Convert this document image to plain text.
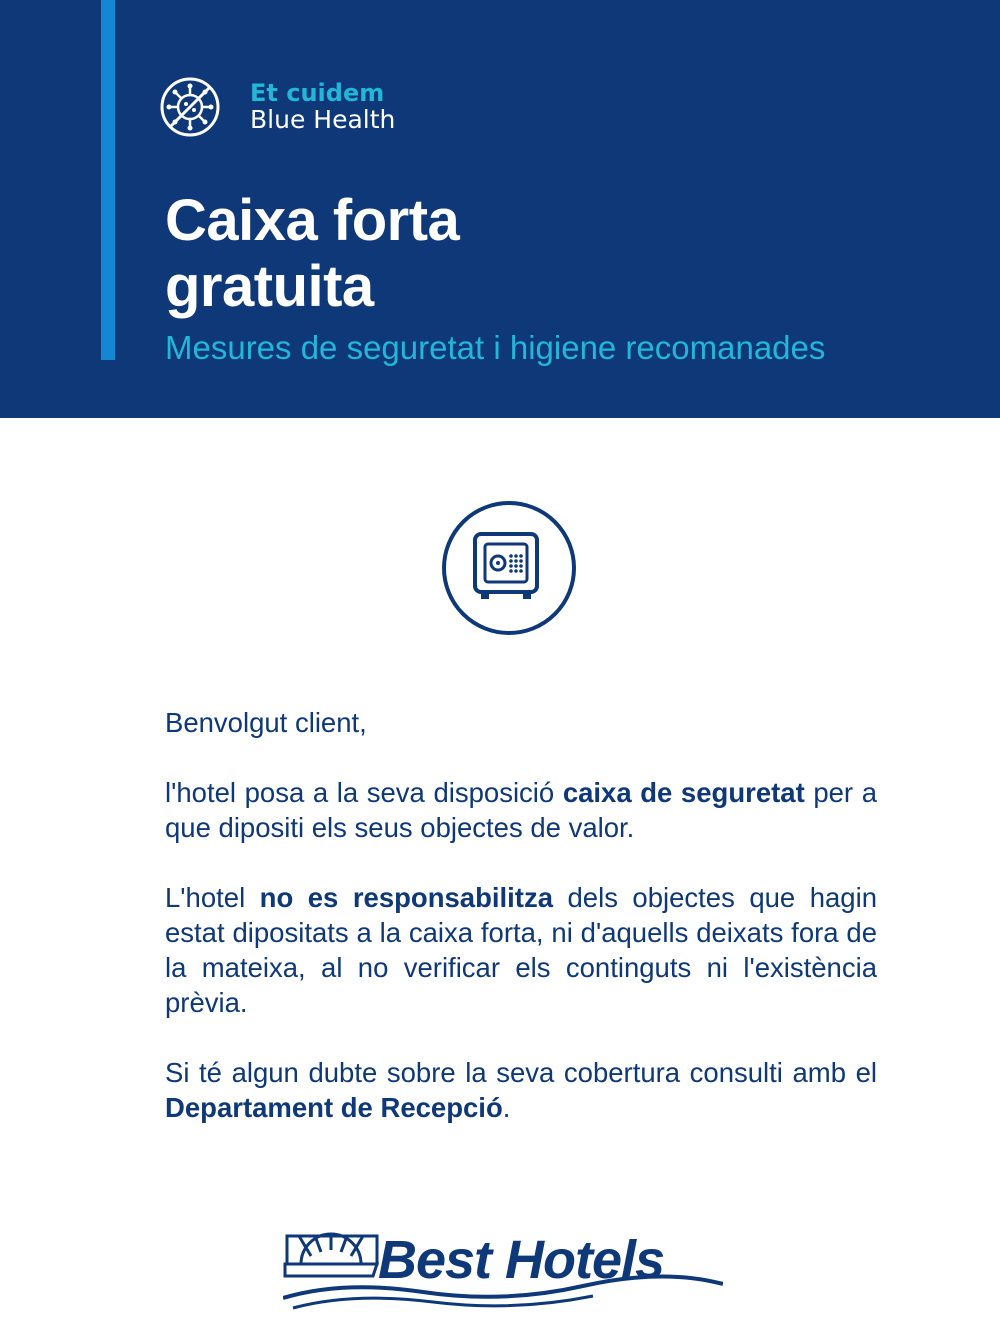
Et cuidem
Blue Health
Caixa forta
gratuita
Mesures de seguretat i higiene recomanades

Benvolgut client,

l'hotel posa a la seva disposició caixa de seguretat per a que dipositi els seus objectes de valor.

L'hotel no es responsabilitza dels objectes que hagin estat dipositats a la caixa forta, ni d'aquells deixats fora de la mateixa, al no verificar els continguts ni l'existència prèvia.

Si té algun dubte sobre la seva cobertura consulti amb el Departament de Recepció.

Best Hotels
